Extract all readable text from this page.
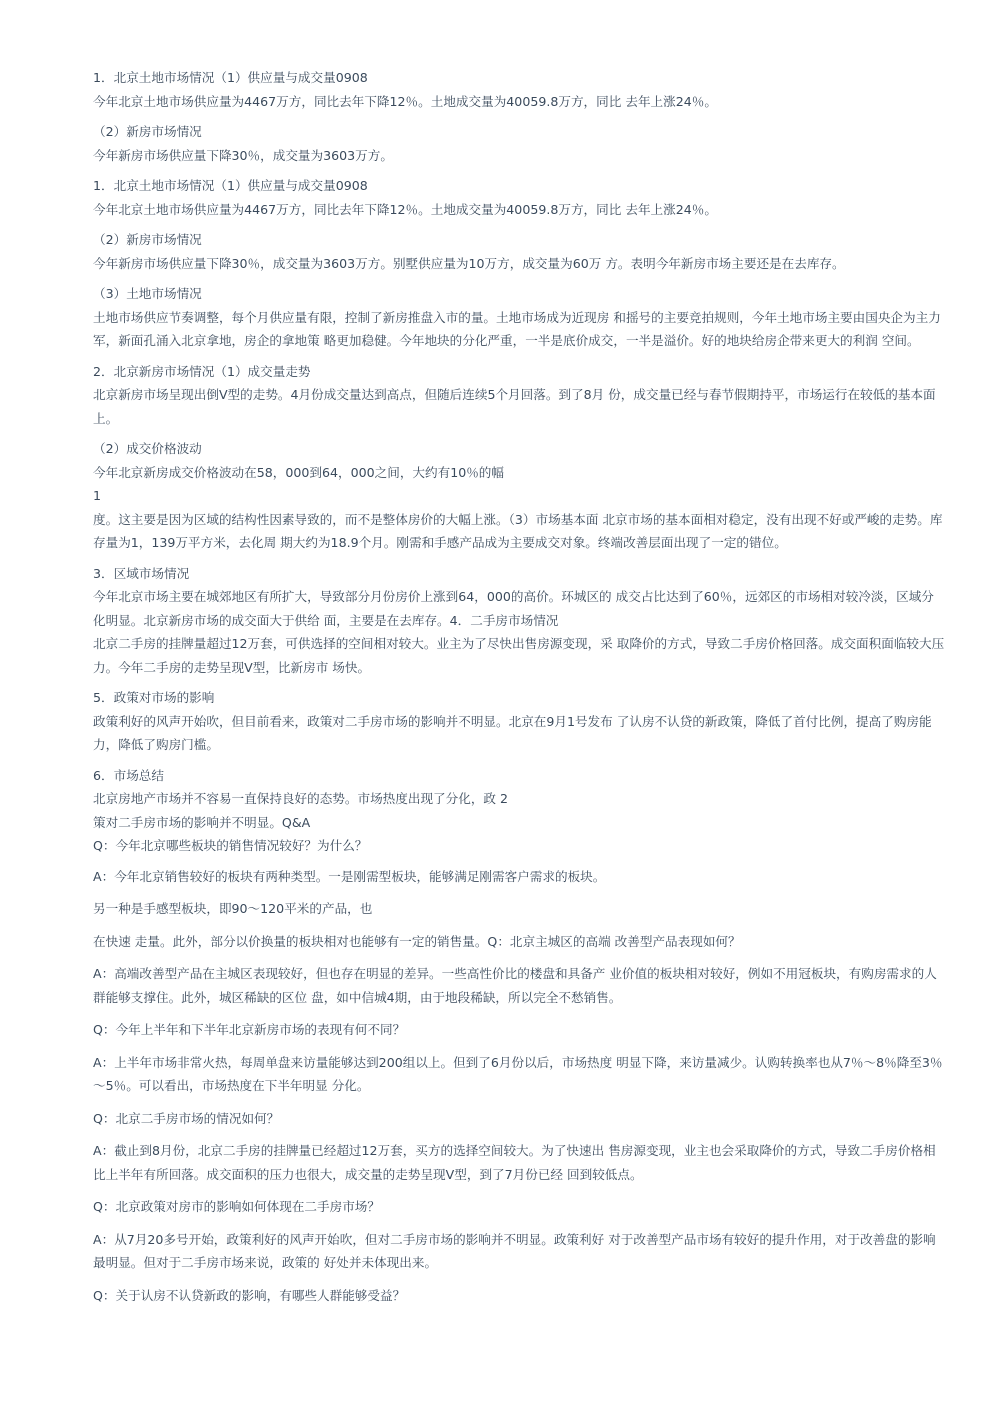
1．北京土地市场情况（1）供应量与成交量0908
今年北京土地市场供应量为4467万方，同比去年下降12％。土地成交量为40059.8万方，同比 去年上涨24％。
（2）新房市场情况
今年新房市场供应量下降30％，成交量为3603万方。
1．北京土地市场情况（1）供应量与成交量0908
今年北京土地市场供应量为4467万方，同比去年下降12％。土地成交量为40059.8万方，同比 去年上涨24％。
（2）新房市场情况
今年新房市场供应量下降30％，成交量为3603万方。别墅供应量为10万方，成交量为60万 方。表明今年新房市场主要还是在去库存。
（3）土地市场情况
土地市场供应节奏调整，每个月供应量有限，控制了新房推盘入市的量。土地市场成为近现房 和摇号的主要竞拍规则，今年土地市场主要由国央企为主力军，新面孔涌入北京拿地，房企的拿地策 略更加稳健。今年地块的分化严重，一半是底价成交，一半是溢价。好的地块给房企带来更大的利润 空间。
2．北京新房市场情况（1）成交量走势
北京新房市场呈现出倒V型的走势。4月份成交量达到高点，但随后连续5个月回落。到了8月 份，成交量已经与春节假期持平，市场运行在较低的基本面上。
（2）成交价格波动
今年北京新房成交价格波动在58，000到64，000之间，大约有10％的幅
1
度。这主要是因为区域的结构性因素导致的，而不是整体房价的大幅上涨。（3）市场基本面 北京市场的基本面相对稳定，没有出现不好或严峻的走势。库存量为1，139万平方米，去化周 期大约为18.9个月。刚需和手感产品成为主要成交对象。终端改善层面出现了一定的错位。
3．区域市场情况
今年北京市场主要在城郊地区有所扩大，导致部分月份房价上涨到64，000的高价。环城区的 成交占比达到了60％，远郊区的市场相对较冷淡，区域分化明显。北京新房市场的成交面大于供给 面，主要是在去库存。4．二手房市场情况
北京二手房的挂牌量超过12万套，可供选择的空间相对较大。业主为了尽快出售房源变现，采 取降价的方式，导致二手房价格回落。成交面积面临较大压力。今年二手房的走势呈现V型，比新房市 场快。
5．政策对市场的影响
政策利好的风声开始吹，但目前看来，政策对二手房市场的影响并不明显。北京在9月1号发布 了认房不认贷的新政策，降低了首付比例，提高了购房能力，降低了购房门槛。
6．市场总结
北京房地产市场并不容易一直保持良好的态势。市场热度出现了分化，政 2
策对二手房市场的影响并不明显。Q&A
Q：今年北京哪些板块的销售情况较好？为什么？
A：今年北京销售较好的板块有两种类型。一是刚需型板块，能够满足刚需客户需求的板块。
另一种是手感型板块，即90～120平米的产品，也
在快速 走量。此外，部分以价换量的板块相对也能够有一定的销售量。Q：北京主城区的高端 改善型产品表现如何？
A：高端改善型产品在主城区表现较好，但也存在明显的差异。一些高性价比的楼盘和具备产 业价值的板块相对较好，例如不用冠板块，有购房需求的人群能够支撑住。此外，城区稀缺的区位 盘，如中信城4期，由于地段稀缺，所以完全不愁销售。
Q：今年上半年和下半年北京新房市场的表现有何不同？
A：上半年市场非常火热，每周单盘来访量能够达到200组以上。但到了6月份以后，市场热度 明显下降，来访量减少。认购转换率也从7％～8％降至3％～5％。可以看出，市场热度在下半年明显 分化。
Q：北京二手房市场的情况如何？
A：截止到8月份，北京二手房的挂牌量已经超过12万套，买方的选择空间较大。为了快速出 售房源变现，业主也会采取降价的方式，导致二手房价格相比上半年有所回落。成交面积的压力也很大，成交量的走势呈现V型，到了7月份已经 回到较低点。
Q：北京政策对房市的影响如何体现在二手房市场？
A：从7月20多号开始，政策利好的风声开始吹，但对二手房市场的影响并不明显。政策利好 对于改善型产品市场有较好的提升作用，对于改善盘的影响最明显。但对于二手房市场来说，政策的 好处并未体现出来。
Q：关于认房不认贷新政的影响，有哪些人群能够受益？
